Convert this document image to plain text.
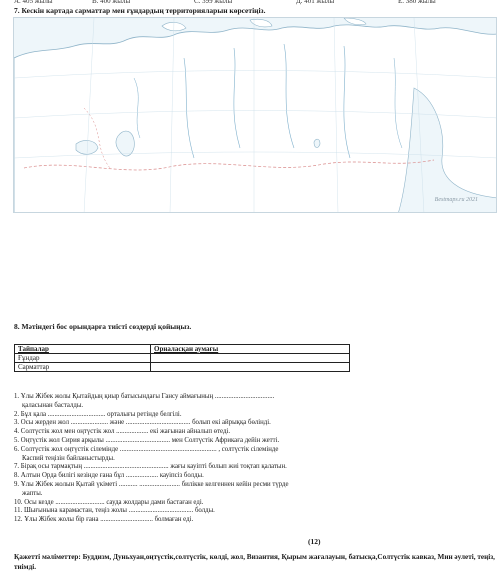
А. 405 жылы	В. 400 жылы	С. 399 жылы	Д. 401 жылы	Е. 380 жылы
7. Кескін картада сарматтар мен ғұндардың территорияларын көрсетіңіз.
Bestmaps.ru 2021
8. Мәтіндегі бос орындарға тиісті сөздерді қойыңыз.
Тайпалар	Орналасқан аумағы
Ғұндар	
Сарматтар	
1. Ұлы Жібек жолы Қытайдың қиыр батысындағы Гансу аймағының ...................................
қаласынан басталды.
2. Бұл қала .................................. орталығы ретінде белгілі.
3. Осы жерден жол ...................... және ...................................... болып екі айрыққа бөлінді.
4. Солтүстік жол мен оңтүстік жол ................... екі жағынан айналып өтеді.
5. Оңтүстік жол Сирия арқылы ...................................... мен Солтүстік Африкаға дейін жетті.
6. Солтүстік жол оңтүстік сілемінде ......................................................... , солтүстік сілемінде
Каспий теңізін байланыстырды.
7. Бірақ осы тармақтың .................................................. жағы кауіпті болып жиі тоқтап қалатын.
8. Алтын Орда билігі кезінде ғана бұл ................... кауіпсіз болды.
9. Ұлы Жібек жолын Қытай үкіметі ........... ........................ билікке келгеннен кейін ресми түрде
жапты.
10. Осы кезде ............................. сауда жолдары дами бастаған еді.
11. Шығынына карамастан, теңіз жолы ...................................... болды.
12. Ұлы Жібек жолы бір ғана ............................... болмаған еді.
(12)
Қажетті мәліметтер: Буддизм, Дуньхуан,оңтүстік,солтүстік, көлді, жол, Византия, Қырым жағалауын, батысқа,Солтүстік кавказ, Мин әулеті, теңіз, тиімді.
